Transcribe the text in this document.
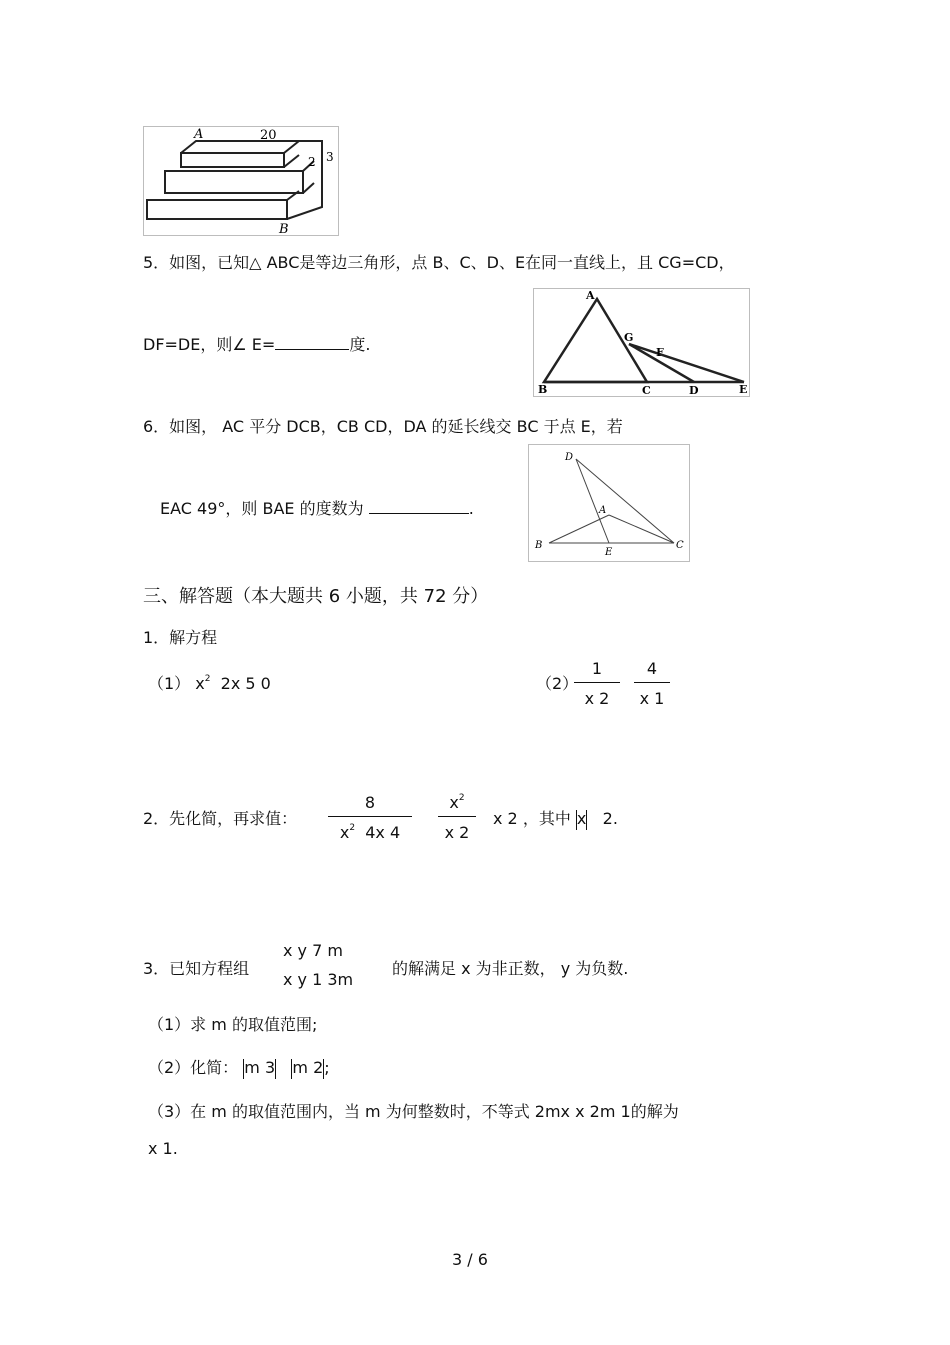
A	20
2 3
B
5．如图，已知△ ABC是等边三角形，点 B、C、D、E在同一直线上，且 CG=CD，
DF=DE，则∠ E=	度.
A
B	C	D	E
F
G
6．如图， AC 平分 DCB，CB CD，DA 的延长线交 BC 于点 E，若
EAC 49°，则 BAE 的度数为	.
D
A
B
E
C
三、解答题（本大题共 6 小题，共 72 分）
1．解方程
（1） $x^2$ 2x 5 0	（2）
1
x 2
4
x 1
2．先化简，再求值：
8
$x^2$ 4x 4
$x^2$
x 2
x 2 ，其中 x 2.
3．已知方程组
x y 7 m
x y 1 3m
的解满足 x 为非正数， y 为负数.
（1）求 m 的取值范围;
（2）化简： m 3 m 2;
（3）在 m 的取值范围内，当 m 为何整数时，不等式 2mx x 2m 1的解为
x 1.
3 / 6
